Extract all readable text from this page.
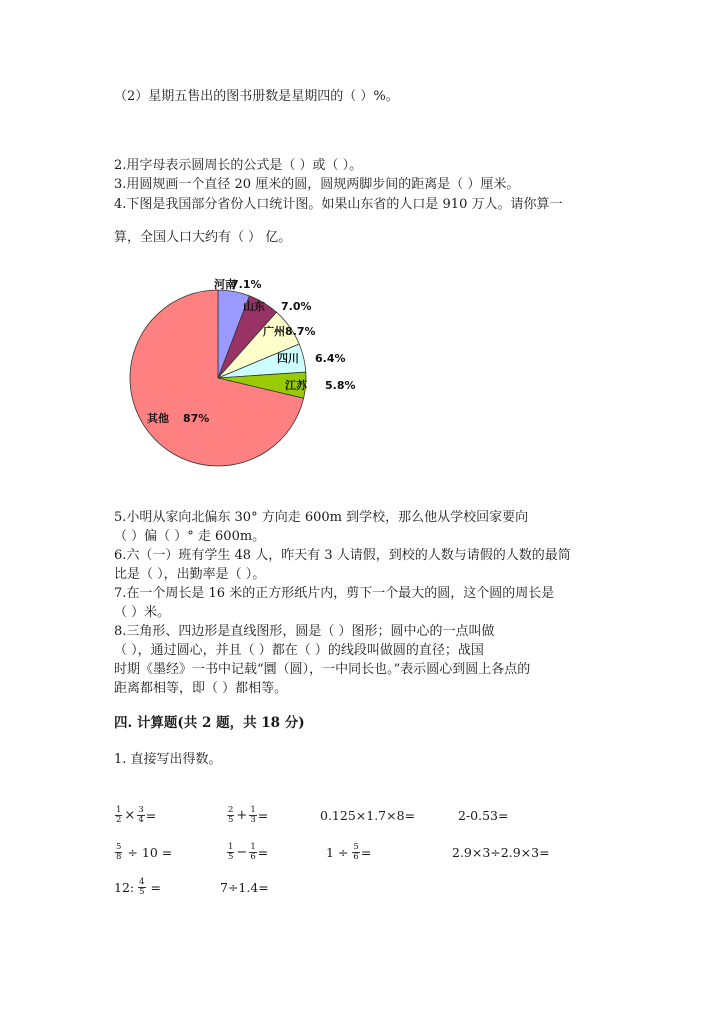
（2）星期五售出的图书册数是星期四的（ ）%。
2.用字母表示圆周长的公式是（ ）或（ ）。
3.用圆规画一个直径 20 厘米的圆，圆规两脚步间的距离是（ ）厘米。
4.下图是我国部分省份人口统计图。如果山东省的人口是 910 万人。请你算一
算，全国人口大约有（ ） 亿。
河南
7.1%
山东 7.0%
广州 8.7%
四川 6.4%
江苏 5.8%
其他 87%
5.小明从家向北偏东 30° 方向走 600m 到学校，那么他从学校回家要向
（ ）偏（ ）° 走 600m。
6.六（一）班有学生 48 人，昨天有 3 人请假，到校的人数与请假的人数的最简
比是（ ），出勤率是（ ）。
7.在一个周长是 16 米的正方形纸片内，剪下一个最大的圆，这个圆的周长是
（ ）米。
8.三角形、四边形是直线图形，圆是（ ）图形；圆中心的一点叫做
（ ），通过圆心，并且（ ）都在（ ）的线段叫做圆的直径；战国
时期《墨经》一书中记载“圜（圆），一中同长也。”表示圆心到圆上各点的
距离都相等，即（ ）都相等。
四. 计算题(共 2 题，共 18 分)
1. 直接写出得数。
$\frac{1}{2} \times \frac{3}{4}$ =	$\frac{2}{5} + \frac{1}{3}$ =	0.125×1.7×8=	2-0.53=
$\frac{5}{8} \div 10$ =	$\frac{1}{5} - \frac{1}{6}$ =	$1 \div \frac{5}{6}$ =	2.9×3÷2.9×3=
12: $\frac{4}{5}$ =	7÷1.4=
